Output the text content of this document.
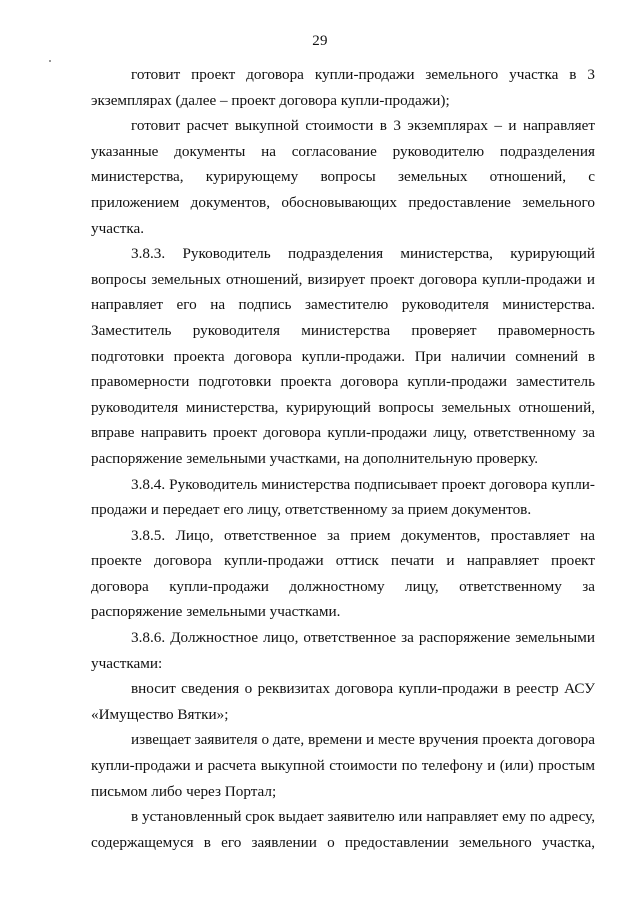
29

готовит проект договора купли-продажи земельного участка в 3 экземплярах (далее – проект договора купли-продажи);

готовит расчет выкупной стоимости в 3 экземплярах – и направляет указанные документы на согласование руководителю подразделения министерства, курирующему вопросы земельных отношений, с приложением документов, обосновывающих предоставление земельного участка.

3.8.3. Руководитель подразделения министерства, курирующий вопросы земельных отношений, визирует проект договора купли-продажи и направляет его на подпись заместителю руководителя министерства. Заместитель руководителя министерства проверяет правомерность подготовки проекта договора купли-продажи. При наличии сомнений в правомерности подготовки проекта договора купли-продажи заместитель руководителя министерства, курирующий вопросы земельных отношений, вправе направить проект договора купли-продажи лицу, ответственному за распоряжение земельными участками, на дополнительную проверку.

3.8.4. Руководитель министерства подписывает проект договора купли-продажи и передает его лицу, ответственному за прием документов.

3.8.5. Лицо, ответственное за прием документов, проставляет на проекте договора купли-продажи оттиск печати и направляет проект договора купли-продажи должностному лицу, ответственному за распоряжение земельными участками.

3.8.6. Должностное лицо, ответственное за распоряжение земельными участками:

вносит сведения о реквизитах договора купли-продажи в реестр АСУ «Имущество Вятки»;

извещает заявителя о дате, времени и месте вручения проекта договора купли-продажи и расчета выкупной стоимости по телефону и (или) простым письмом либо через Портал;

в установленный срок выдает заявителю или направляет ему по адресу, содержащемуся в его заявлении о предоставлении земельного участка,
